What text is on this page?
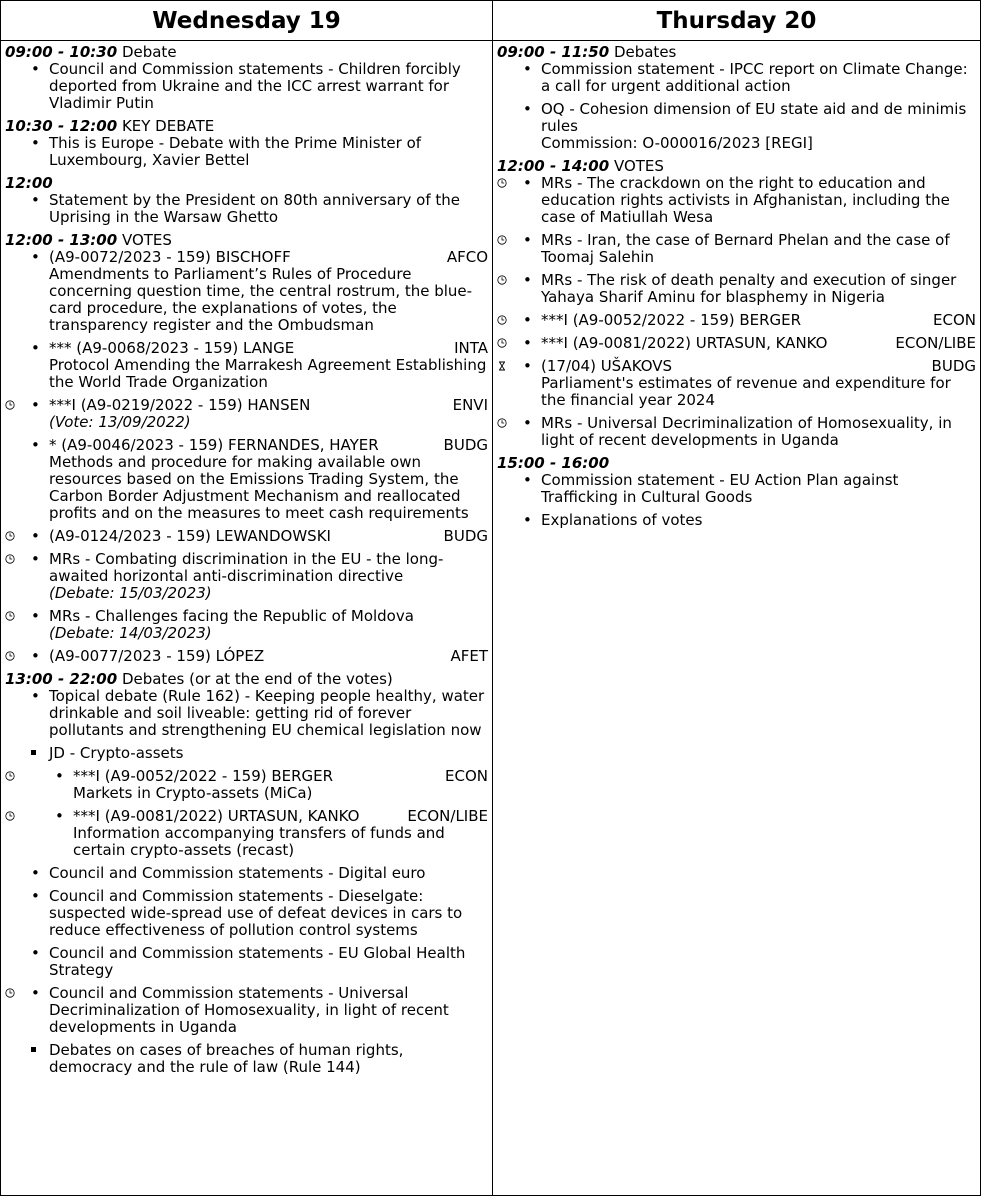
Wednesday 19
09:00 - 10:30 Debate
• Council and Commission statements - Children forcibly deported from Ukraine and the ICC arrest warrant for Vladimir Putin
10:30 - 12:00 KEY DEBATE
• This is Europe - Debate with the Prime Minister of Luxembourg, Xavier Bettel
12:00
• Statement by the President on 80th anniversary of the Uprising in the Warsaw Ghetto
12:00 - 13:00 VOTES
• (A9-0072/2023 - 159) BISCHOFF	AFCO
Amendments to Parliament’s Rules of Procedure concerning question time, the central rostrum, the blue-card procedure, the explanations of votes, the transparency register and the Ombudsman
• *** (A9-0068/2023 - 159) LANGE	INTA
Protocol Amending the Marrakesh Agreement Establishing the World Trade Organization
• ***I (A9-0219/2022 - 159) HANSEN	ENVI
(Vote: 13/09/2022)
• * (A9-0046/2023 - 159) FERNANDES, HAYER	BUDG
Methods and procedure for making available own resources based on the Emissions Trading System, the Carbon Border Adjustment Mechanism and reallocated profits and on the measures to meet cash requirements
• (A9-0124/2023 - 159) LEWANDOWSKI	BUDG
• MRs - Combating discrimination in the EU - the long-awaited horizontal anti-discrimination directive
(Debate: 15/03/2023)
• MRs - Challenges facing the Republic of Moldova
(Debate: 14/03/2023)
• (A9-0077/2023 - 159) LÓPEZ	AFET
13:00 - 22:00 Debates (or at the end of the votes)
• Topical debate (Rule 162) - Keeping people healthy, water drinkable and soil liveable: getting rid of forever pollutants and strengthening EU chemical legislation now
JD - Crypto-assets
• ***I (A9-0052/2022 - 159) BERGER	ECON
Markets in Crypto-assets (MiCa)
• ***I (A9-0081/2022) URTASUN, KANKO	ECON/LIBE
Information accompanying transfers of funds and certain crypto-assets (recast)
• Council and Commission statements - Digital euro
• Council and Commission statements - Dieselgate: suspected wide-spread use of defeat devices in cars to reduce effectiveness of pollution control systems
• Council and Commission statements - EU Global Health Strategy
• Council and Commission statements - Universal Decriminalization of Homosexuality, in light of recent developments in Uganda
Debates on cases of breaches of human rights, democracy and the rule of law (Rule 144)
Thursday 20
09:00 - 11:50 Debates
• Commission statement - IPCC report on Climate Change: a call for urgent additional action
• OQ - Cohesion dimension of EU state aid and de minimis rules
Commission: O-000016/2023 [REGI]
12:00 - 14:00 VOTES
• MRs - The crackdown on the right to education and education rights activists in Afghanistan, including the case of Matiullah Wesa
• MRs - Iran, the case of Bernard Phelan and the case of Toomaj Salehin
• MRs - The risk of death penalty and execution of singer Yahaya Sharif Aminu for blasphemy in Nigeria
• ***I (A9-0052/2022 - 159) BERGER	ECON
• ***I (A9-0081/2022) URTASUN, KANKO	ECON/LIBE
• (17/04) UŠAKOVS	BUDG
Parliament's estimates of revenue and expenditure for the financial year 2024
• MRs - Universal Decriminalization of Homosexuality, in light of recent developments in Uganda
15:00 - 16:00
• Commission statement - EU Action Plan against Trafficking in Cultural Goods
• Explanations of votes
